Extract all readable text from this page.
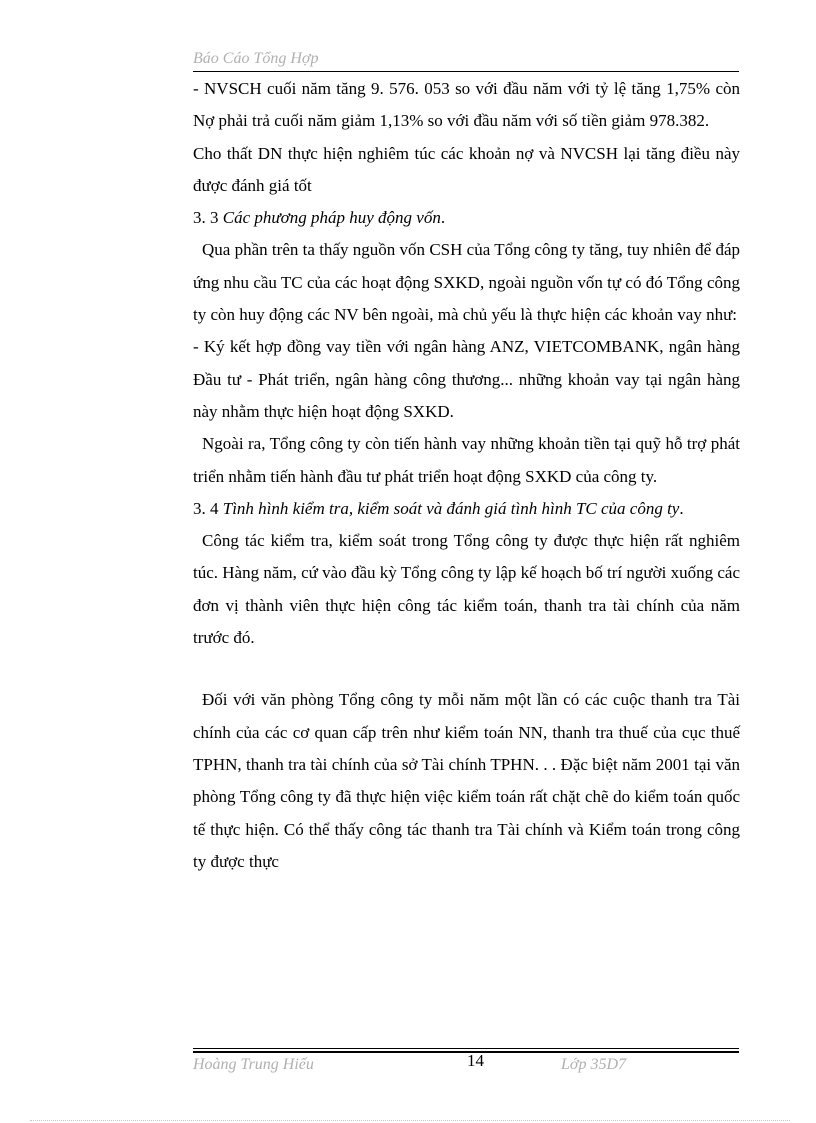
Báo Cáo Tổng Hợp

- NVSCH cuối năm tăng 9. 576. 053 so với đầu năm với tỷ lệ tăng 1,75% còn Nợ phải trả cuối năm giảm 1,13% so với đầu năm với số tiền giảm 978.382.

Cho thất DN thực hiện nghiêm túc các khoản nợ và NVCSH lại tăng điều này được đánh giá tốt

3. 3 Các phương pháp huy động vốn.

Qua phần trên ta thấy nguồn vốn CSH của Tổng công ty tăng, tuy nhiên để đáp ứng nhu cầu TC của các hoạt động SXKD, ngoài nguồn vốn tự có đó Tổng công ty còn huy động các NV bên ngoài, mà chủ yếu là thực hiện các khoản vay như:

- Ký kết hợp đồng vay tiền với ngân hàng ANZ, VIETCOMBANK, ngân hàng Đầu tư - Phát triển, ngân hàng công thương... những khoản vay tại ngân hàng này nhằm thực hiện hoạt động SXKD.

Ngoài ra, Tổng công ty còn tiến hành vay những khoản tiền tại quỹ hỗ trợ phát triển nhằm tiến hành đầu tư phát triển hoạt động SXKD của công ty.

3. 4 Tình hình kiểm tra, kiểm soát và đánh giá tình hình TC của công ty.

Công tác kiểm tra, kiểm soát trong Tổng công ty được thực hiện rất nghiêm túc. Hàng năm, cứ vào đầu kỳ Tổng công ty lập kế hoạch bố trí người xuống các đơn vị thành viên thực hiện công tác kiểm toán, thanh tra tài chính của năm trước đó.

Đối với văn phòng Tổng công ty mỗi năm một lần có các cuộc thanh tra Tài chính của các cơ quan cấp trên như kiểm toán NN, thanh tra thuế của cục thuế TPHN, thanh tra tài chính của sở Tài chính TPHN. . . Đặc biệt năm 2001 tại văn phòng Tổng công ty đã thực hiện việc kiểm toán rất chặt chẽ do kiểm toán quốc tế thực hiện. Có thể thấy công tác thanh tra Tài chính và Kiểm toán trong công ty được thực

Hoàng Trung Hiếu	14	Lớp 35D7
